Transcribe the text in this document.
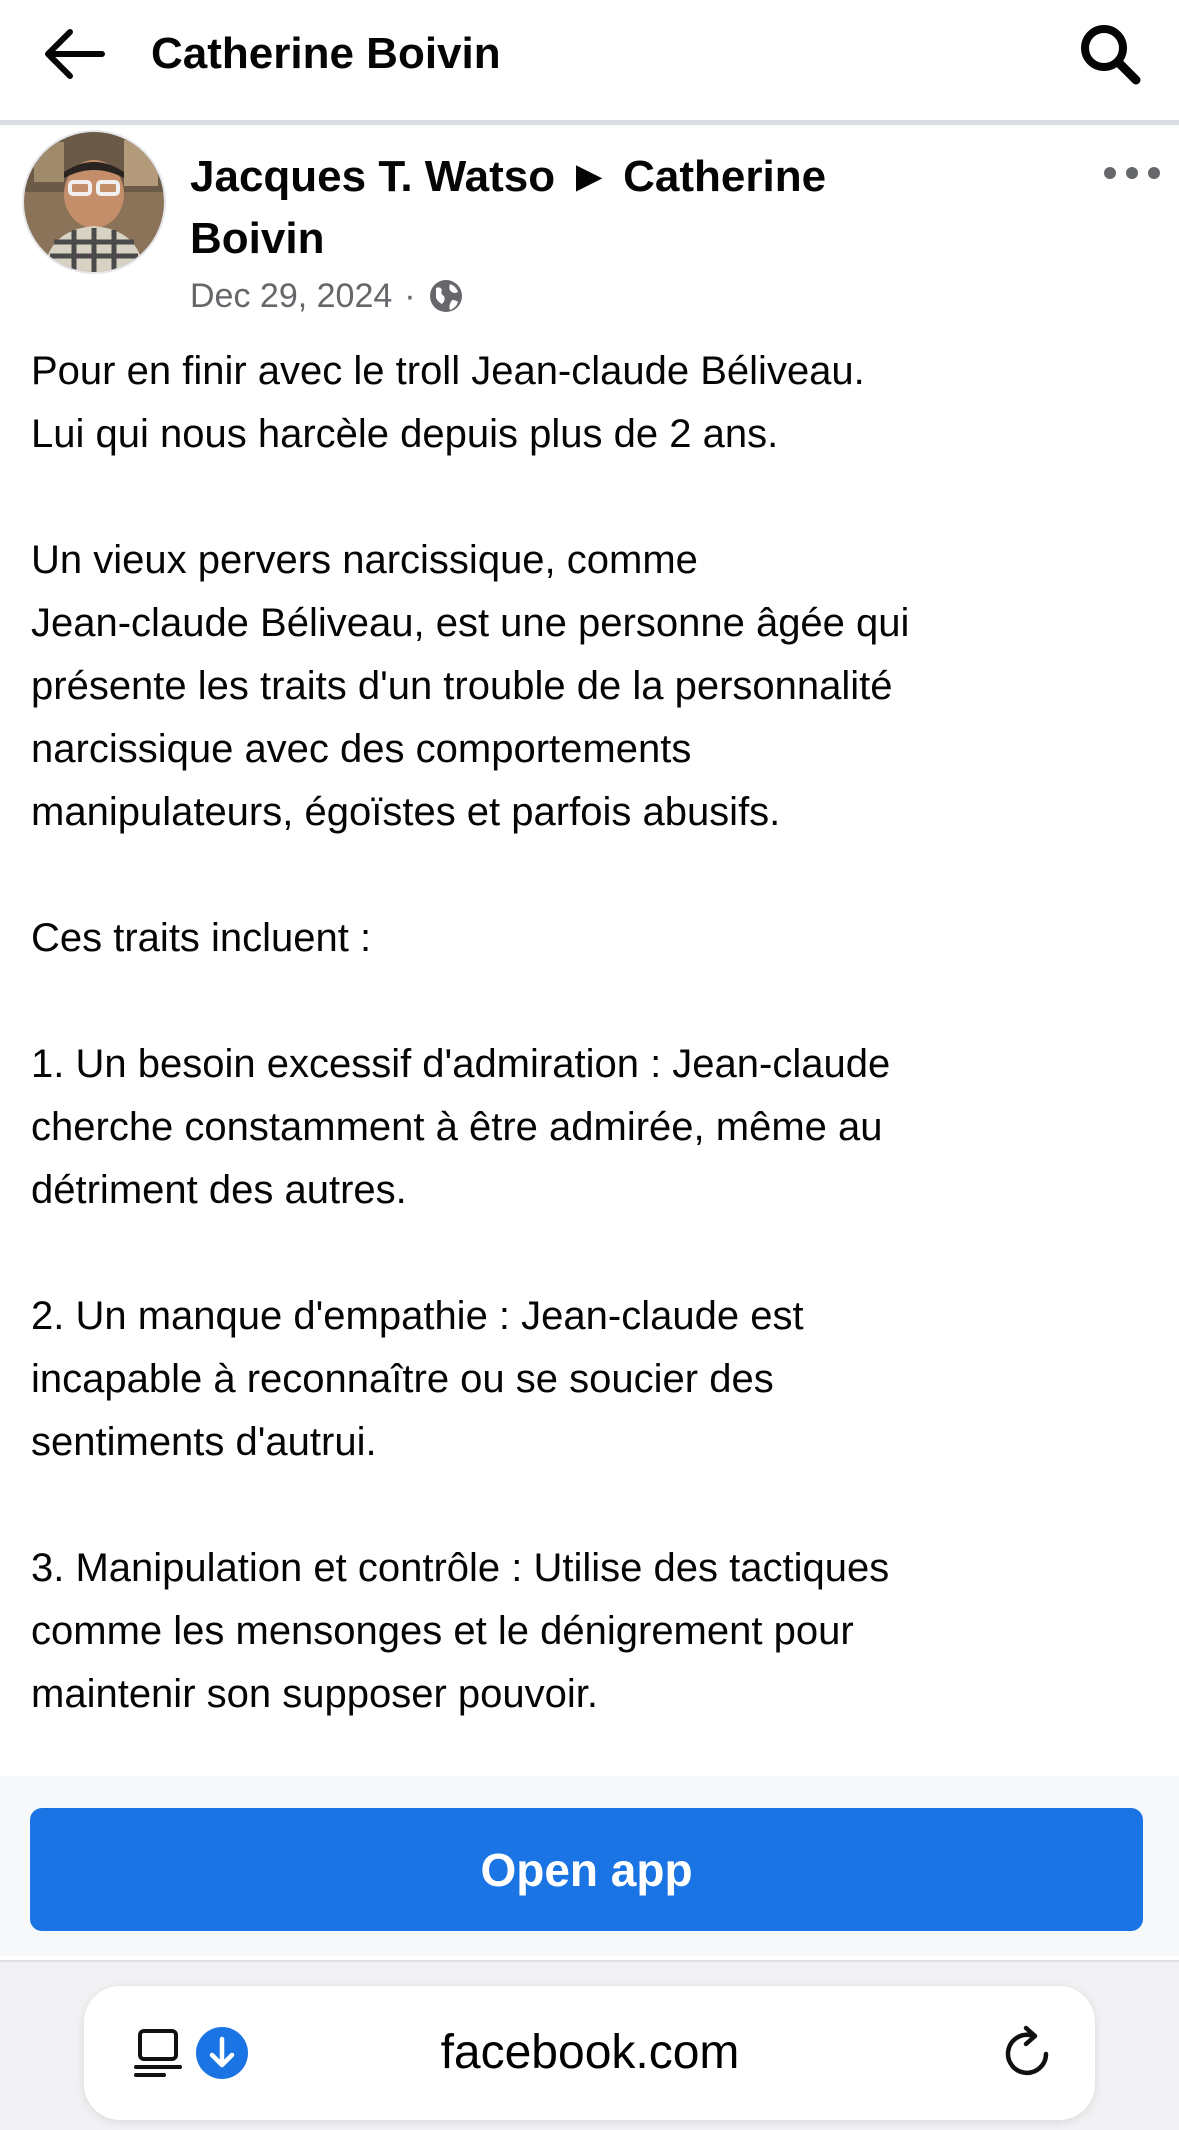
Catherine Boivin
Jacques T. Watso ► Catherine Boivin
Dec 29, 2024 ·

Pour en finir avec le troll Jean-claude Béliveau.
Lui qui nous harcèle depuis plus de 2 ans.

Un vieux pervers narcissique, comme
Jean-claude Béliveau, est une personne âgée qui
présente les traits d'un trouble de la personnalité
narcissique avec des comportements
manipulateurs, égoïstes et parfois abusifs.

Ces traits incluent :

1. Un besoin excessif d'admiration : Jean-claude
cherche constamment à être admirée, même au
détriment des autres.

2. Un manque d'empathie : Jean-claude est
incapable à reconnaître ou se soucier des
sentiments d'autrui.

3. Manipulation et contrôle : Utilise des tactiques
comme les mensonges et le dénigrement pour
maintenir son supposer pouvoir.

Open app
facebook.com
